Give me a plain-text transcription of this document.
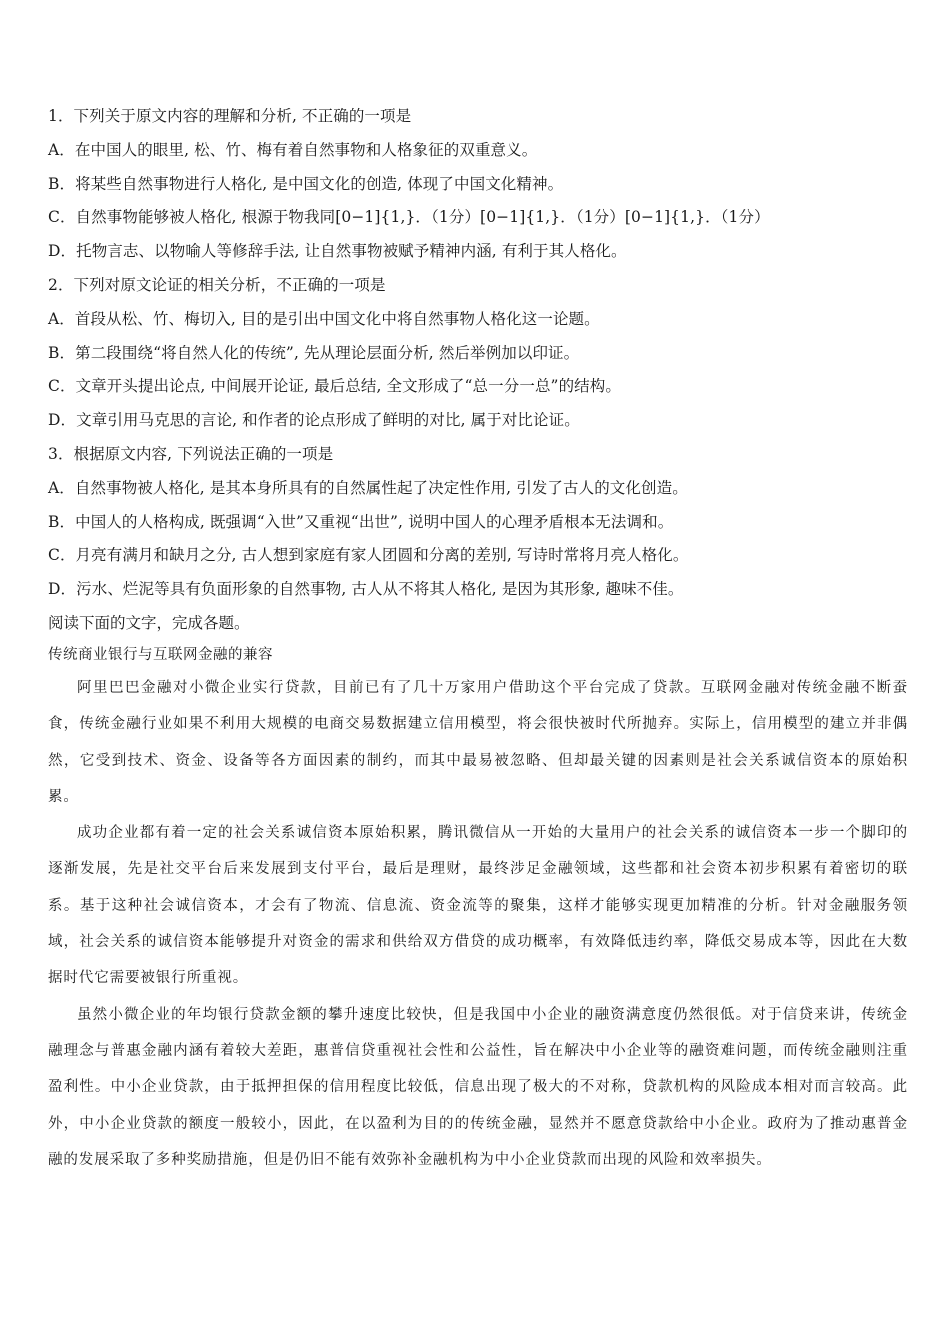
1．下列关于原文内容的理解和分析, 不正确的一项是
A．在中国人的眼里, 松、竹、梅有着自然事物和人格象征的双重意义。
B．将某些自然事物进行人格化, 是中国文化的创造, 体现了中国文化精神。
C．自然事物能够被人格化, 根源于物我同[0−1]{1,}．（1分）[0−1]{1,}．（1分）[0−1]{1,}．（1分）
D．托物言志、以物喻人等修辞手法, 让自然事物被赋予精神内涵, 有利于其人格化。
2．下列对原文论证的相关分析，不正确的一项是
A．首段从松、竹、梅切入, 目的是引出中国文化中将自然事物人格化这一论题。
B．第二段围绕“将自然人化的传统”, 先从理论层面分析, 然后举例加以印证。
C．文章开头提出论点, 中间展开论证, 最后总结, 全文形成了“总一分一总”的结构。
D．文章引用马克思的言论, 和作者的论点形成了鲜明的对比, 属于对比论证。
3．根据原文内容, 下列说法正确的一项是
A．自然事物被人格化, 是其本身所具有的自然属性起了决定性作用, 引发了古人的文化创造。
B．中国人的人格构成, 既强调“入世”又重视“出世”, 说明中国人的心理矛盾根本无法调和。
C．月亮有满月和缺月之分, 古人想到家庭有家人团圆和分离的差别, 写诗时常将月亮人格化。
D．污水、烂泥等具有负面形象的自然事物, 古人从不将其人格化, 是因为其形象, 趣味不佳。
阅读下面的文字，完成各题。
传统商业银行与互联网金融的兼容

阿里巴巴金融对小微企业实行贷款，目前已有了几十万家用户借助这个平台完成了贷款。互联网金融对传统金融不断蚕食，传统金融行业如果不利用大规模的电商交易数据建立信用模型，将会很快被时代所抛弃。实际上，信用模型的建立并非偶然，它受到技术、资金、设备等各方面因素的制约，而其中最易被忽略、但却最关键的因素则是社会关系诚信资本的原始积累。

成功企业都有着一定的社会关系诚信资本原始积累，腾讯微信从一开始的大量用户的社会关系的诚信资本一步一个脚印的逐渐发展，先是社交平台后来发展到支付平台，最后是理财，最终涉足金融领域，这些都和社会资本初步积累有着密切的联系。基于这种社会诚信资本，才会有了物流、信息流、资金流等的聚集，这样才能够实现更加精准的分析。针对金融服务领域，社会关系的诚信资本能够提升对资金的需求和供给双方借贷的成功概率，有效降低违约率，降低交易成本等，因此在大数据时代它需要被银行所重视。

虽然小微企业的年均银行贷款金额的攀升速度比较快，但是我国中小企业的融资满意度仍然很低。对于信贷来讲，传统金融理念与普惠金融内涵有着较大差距，惠普信贷重视社会性和公益性，旨在解决中小企业等的融资难问题，而传统金融则注重盈利性。中小企业贷款，由于抵押担保的信用程度比较低，信息出现了极大的不对称，贷款机构的风险成本相对而言较高。此外，中小企业贷款的额度一般较小，因此，在以盈利为目的的传统金融，显然并不愿意贷款给中小企业。政府为了推动惠普金融的发展采取了多种奖励措施，但是仍旧不能有效弥补金融机构为中小企业贷款而出现的风险和效率损失。
